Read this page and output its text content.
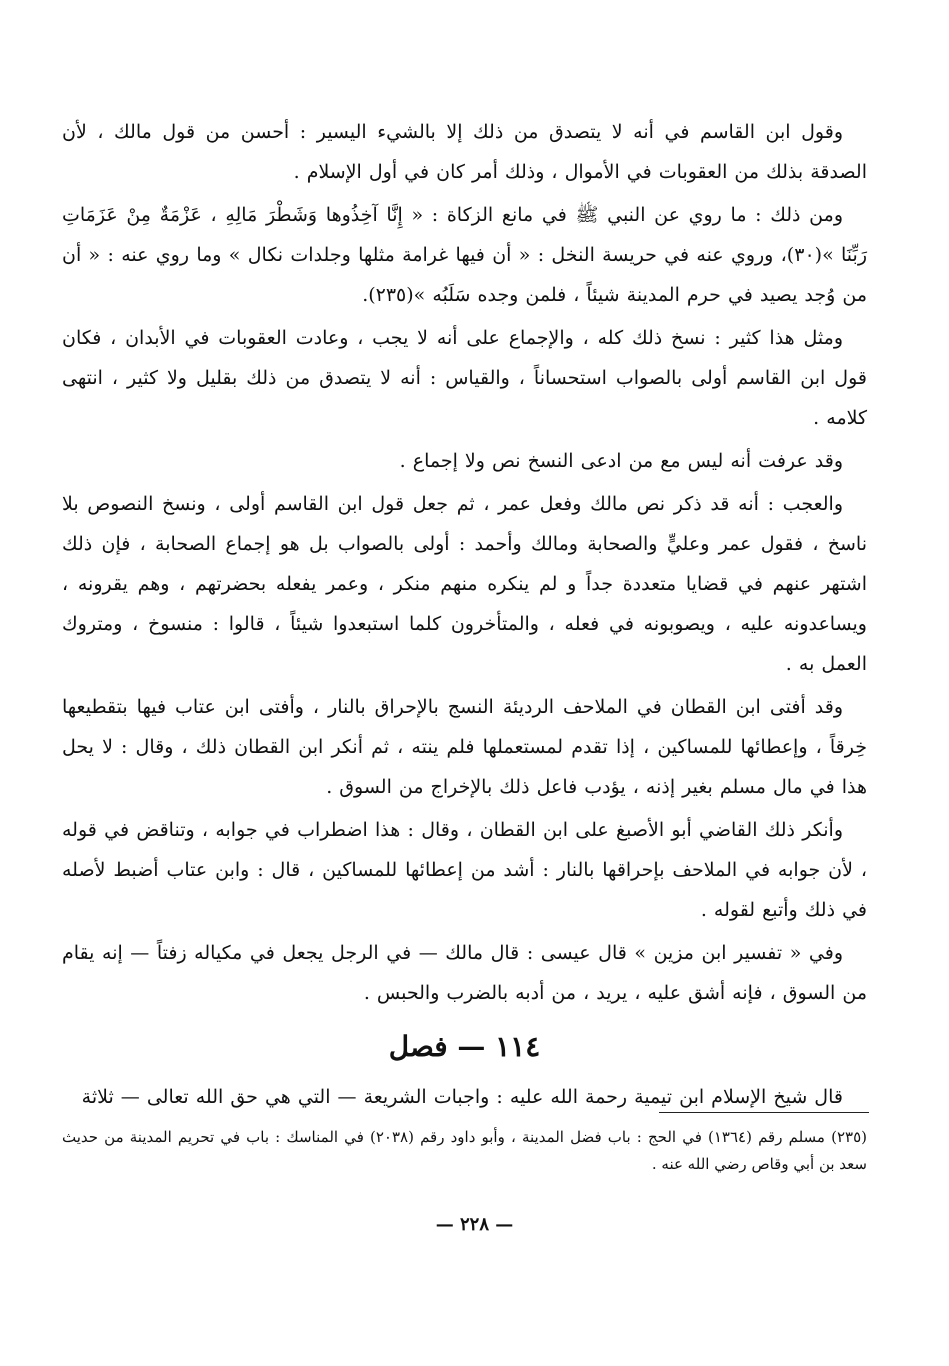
وقول ابن القاسم في أنه لا يتصدق من ذلك إلا بالشيء اليسير : أحسن من قول مالك ، لأن الصدقة بذلك من العقوبات في الأموال ، وذلك أمر كان في أول الإسلام .

ومن ذلك : ما روي عن النبي ﷺ في مانع الزكاة : « إِنَّا آخِذُوها وَشَطْرَ مَالِهِ ، عَزْمَةٌ مِنْ عَزَمَاتِ رَبِّنَا »(٣٠)، وروي عنه في حريسة النخل : « أن فيها غرامة مثلها وجلدات نكال » وما روي عنه : « أن من وُجد يصيد في حرم المدينة شيئاً ، فلمن وجده سَلَبُه »(٢٣٥).

ومثل هذا كثير : نسخ ذلك كله ، والإجماع على أنه لا يجب ، وعادت العقوبات في الأبدان ، فكان قول ابن القاسم أولى بالصواب استحساناً ، والقياس : أنه لا يتصدق من ذلك بقليل ولا كثير ، انتهى كلامه .

وقد عرفت أنه ليس مع من ادعى النسخ نص ولا إجماع .

والعجب : أنه قد ذكر نص مالك وفعل عمر ، ثم جعل قول ابن القاسم أولى ، ونسخ النصوص بلا ناسخ ، فقول عمر وعليٍّ والصحابة ومالك وأحمد : أولى بالصواب بل هو إجماع الصحابة ، فإن ذلك اشتهر عنهم في قضايا متعددة جداً و لم ينكره منهم منكر ، وعمر يفعله بحضرتهم ، وهم يقرونه ، ويساعدونه عليه ، ويصوبونه في فعله ، والمتأخرون كلما استبعدوا شيئاً ، قالوا : منسوخ ، ومتروك العمل به .

وقد أفتى ابن القطان في الملاحف الرديئة النسج بالإحراق بالنار ، وأفتى ابن عتاب فيها بتقطيعها خِرقاً ، وإعطائها للمساكين ، إذا تقدم لمستعملها فلم ينته ، ثم أنكر ابن القطان ذلك ، وقال : لا يحل هذا في مال مسلم بغير إذنه ، يؤدب فاعل ذلك بالإخراج من السوق .

وأنكر ذلك القاضي أبو الأصبغ على ابن القطان ، وقال : هذا اضطراب في جوابه ، وتناقض في قوله ، لأن جوابه في الملاحف بإحراقها بالنار : أشد من إعطائها للمساكين ، قال : وابن عتاب أضبط لأصله في ذلك وأتبع لقوله .

وفي « تفسير ابن مزين » قال عيسى : قال مالك — في الرجل يجعل في مكياله زفتاً — إنه يقام من السوق ، فإنه أشق عليه ، يريد ، من أدبه بالضرب والحبس .

١١٤ — فصل

قال شيخ الإسلام ابن تيمية رحمة الله عليه : واجبات الشريعة — التي هي حق الله تعالى — ثلاثة

(٢٣٥) مسلم رقم (١٣٦٤) في الحج : باب فضل المدينة ، وأبو داود رقم (٢٠٣٨) في المناسك : باب في تحريم المدينة من حديث سعد بن أبي وقاص رضي الله عنه .
— ٢٢٨ —
